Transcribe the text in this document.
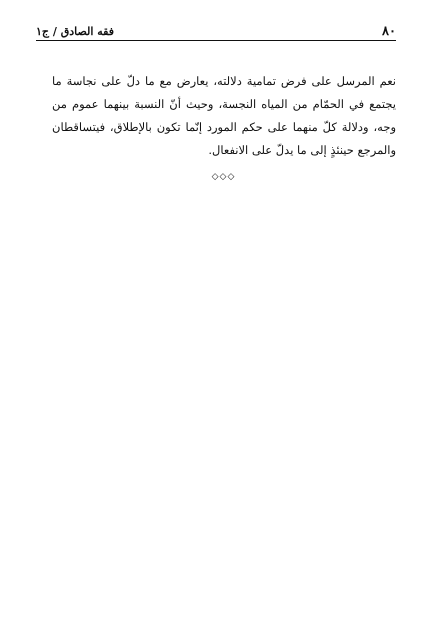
٨٠
فقه الصادق / ج١

نعم المرسل على فرض تمامية دلالته، يعارض مع ما دلّ على نجاسة ما يجتمع في الحمّام من المياه النجسة، وحيث أنّ النسبة بينهما عموم من وجه، ودلالة كلّ منهما على حكم المورد إنّما تكون بالإطلاق، فيتساقطان والمرجع حينئذٍ إلى ما يدلّ على الانفعال.

◇◇◇
